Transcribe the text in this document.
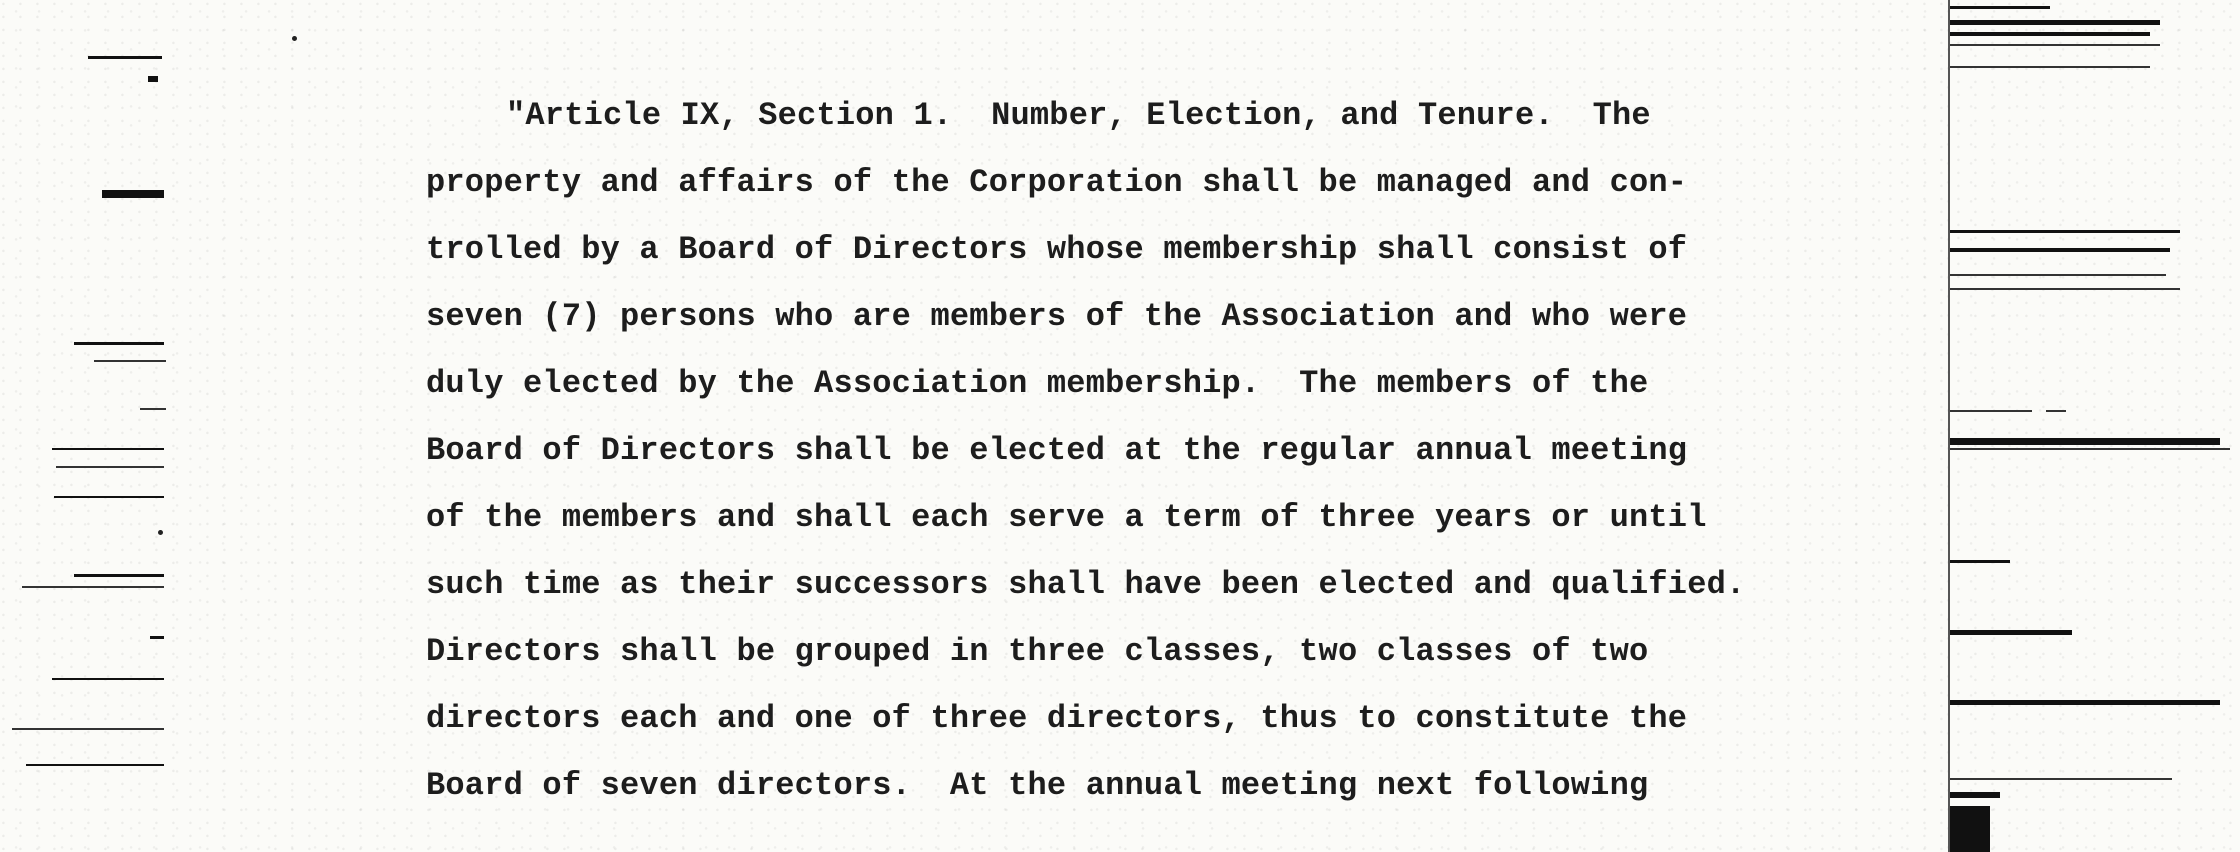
"Article IX, Section 1.  Number, Election, and Tenure.  The
property and affairs of the Corporation shall be managed and con-
trolled by a Board of Directors whose membership shall consist of
seven (7) persons who are members of the Association and who were
duly elected by the Association membership.  The members of the
Board of Directors shall be elected at the regular annual meeting
of the members and shall each serve a term of three years or until
such time as their successors shall have been elected and qualified.
Directors shall be grouped in three classes, two classes of two
directors each and one of three directors, thus to constitute the
Board of seven directors.  At the annual meeting next following
